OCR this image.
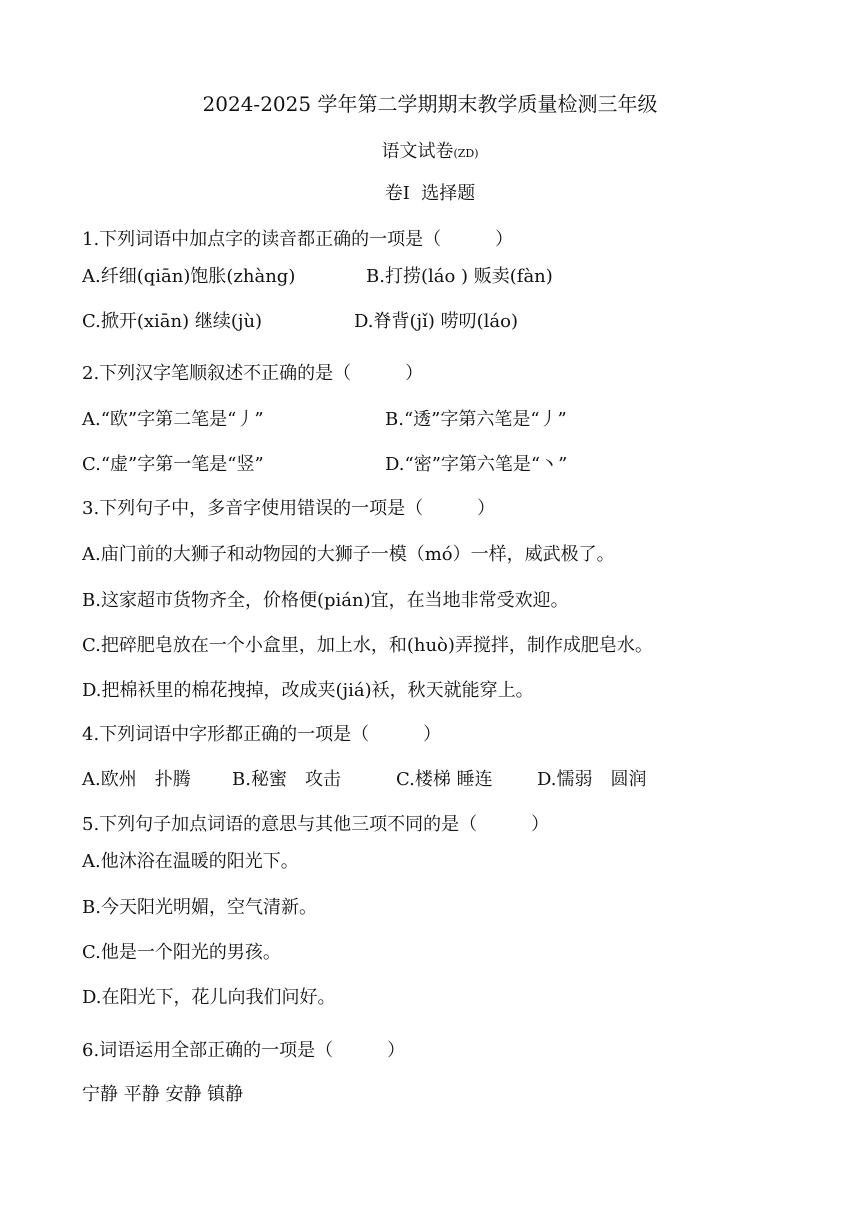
2024-2025 学年第二学期期末教学质量检测三年级
语文试卷(ZD)
卷Ⅰ  选择题
1.下列词语中加点字的读音都正确的一项是（　　　）
A.纤细(qiān)饱胀(zhàng)	B.打捞(láo ) 贩卖(fàn)
C.掀开(xiān) 继续(jù)	D.脊背(jǐ) 唠叨(láo)
2.下列汉字笔顺叙述不正确的是（　　　）
A.“欧”字第二笔是“丿”	B.“透”字第六笔是“丿”
C.“虚”字第一笔是“竖”	D.“密”字第六笔是“丶”
3.下列句子中，多音字使用错误的一项是（　　　）
A.庙门前的大狮子和动物园的大狮子一模（mó）一样，威武极了。
B.这家超市货物齐全，价格便(pián)宜，在当地非常受欢迎。
C.把碎肥皂放在一个小盒里，加上水，和(huò)弄搅拌，制作成肥皂水。
D.把棉袄里的棉花拽掉，改成夹(jiá)袄，秋天就能穿上。
4.下列词语中字形都正确的一项是（　　　）
A.欧州　扑腾 B.秘蜜　攻击	C.楼梯 睡连 D.懦弱　圆润
5.下列句子加点词语的意思与其他三项不同的是（　　　）
A.他沐浴在温暖的阳光下。
B.今天阳光明媚，空气清新。
C.他是一个阳光的男孩。
D.在阳光下，花儿向我们问好。
6.词语运用全部正确的一项是（　　　）
宁静 平静 安静 镇静
